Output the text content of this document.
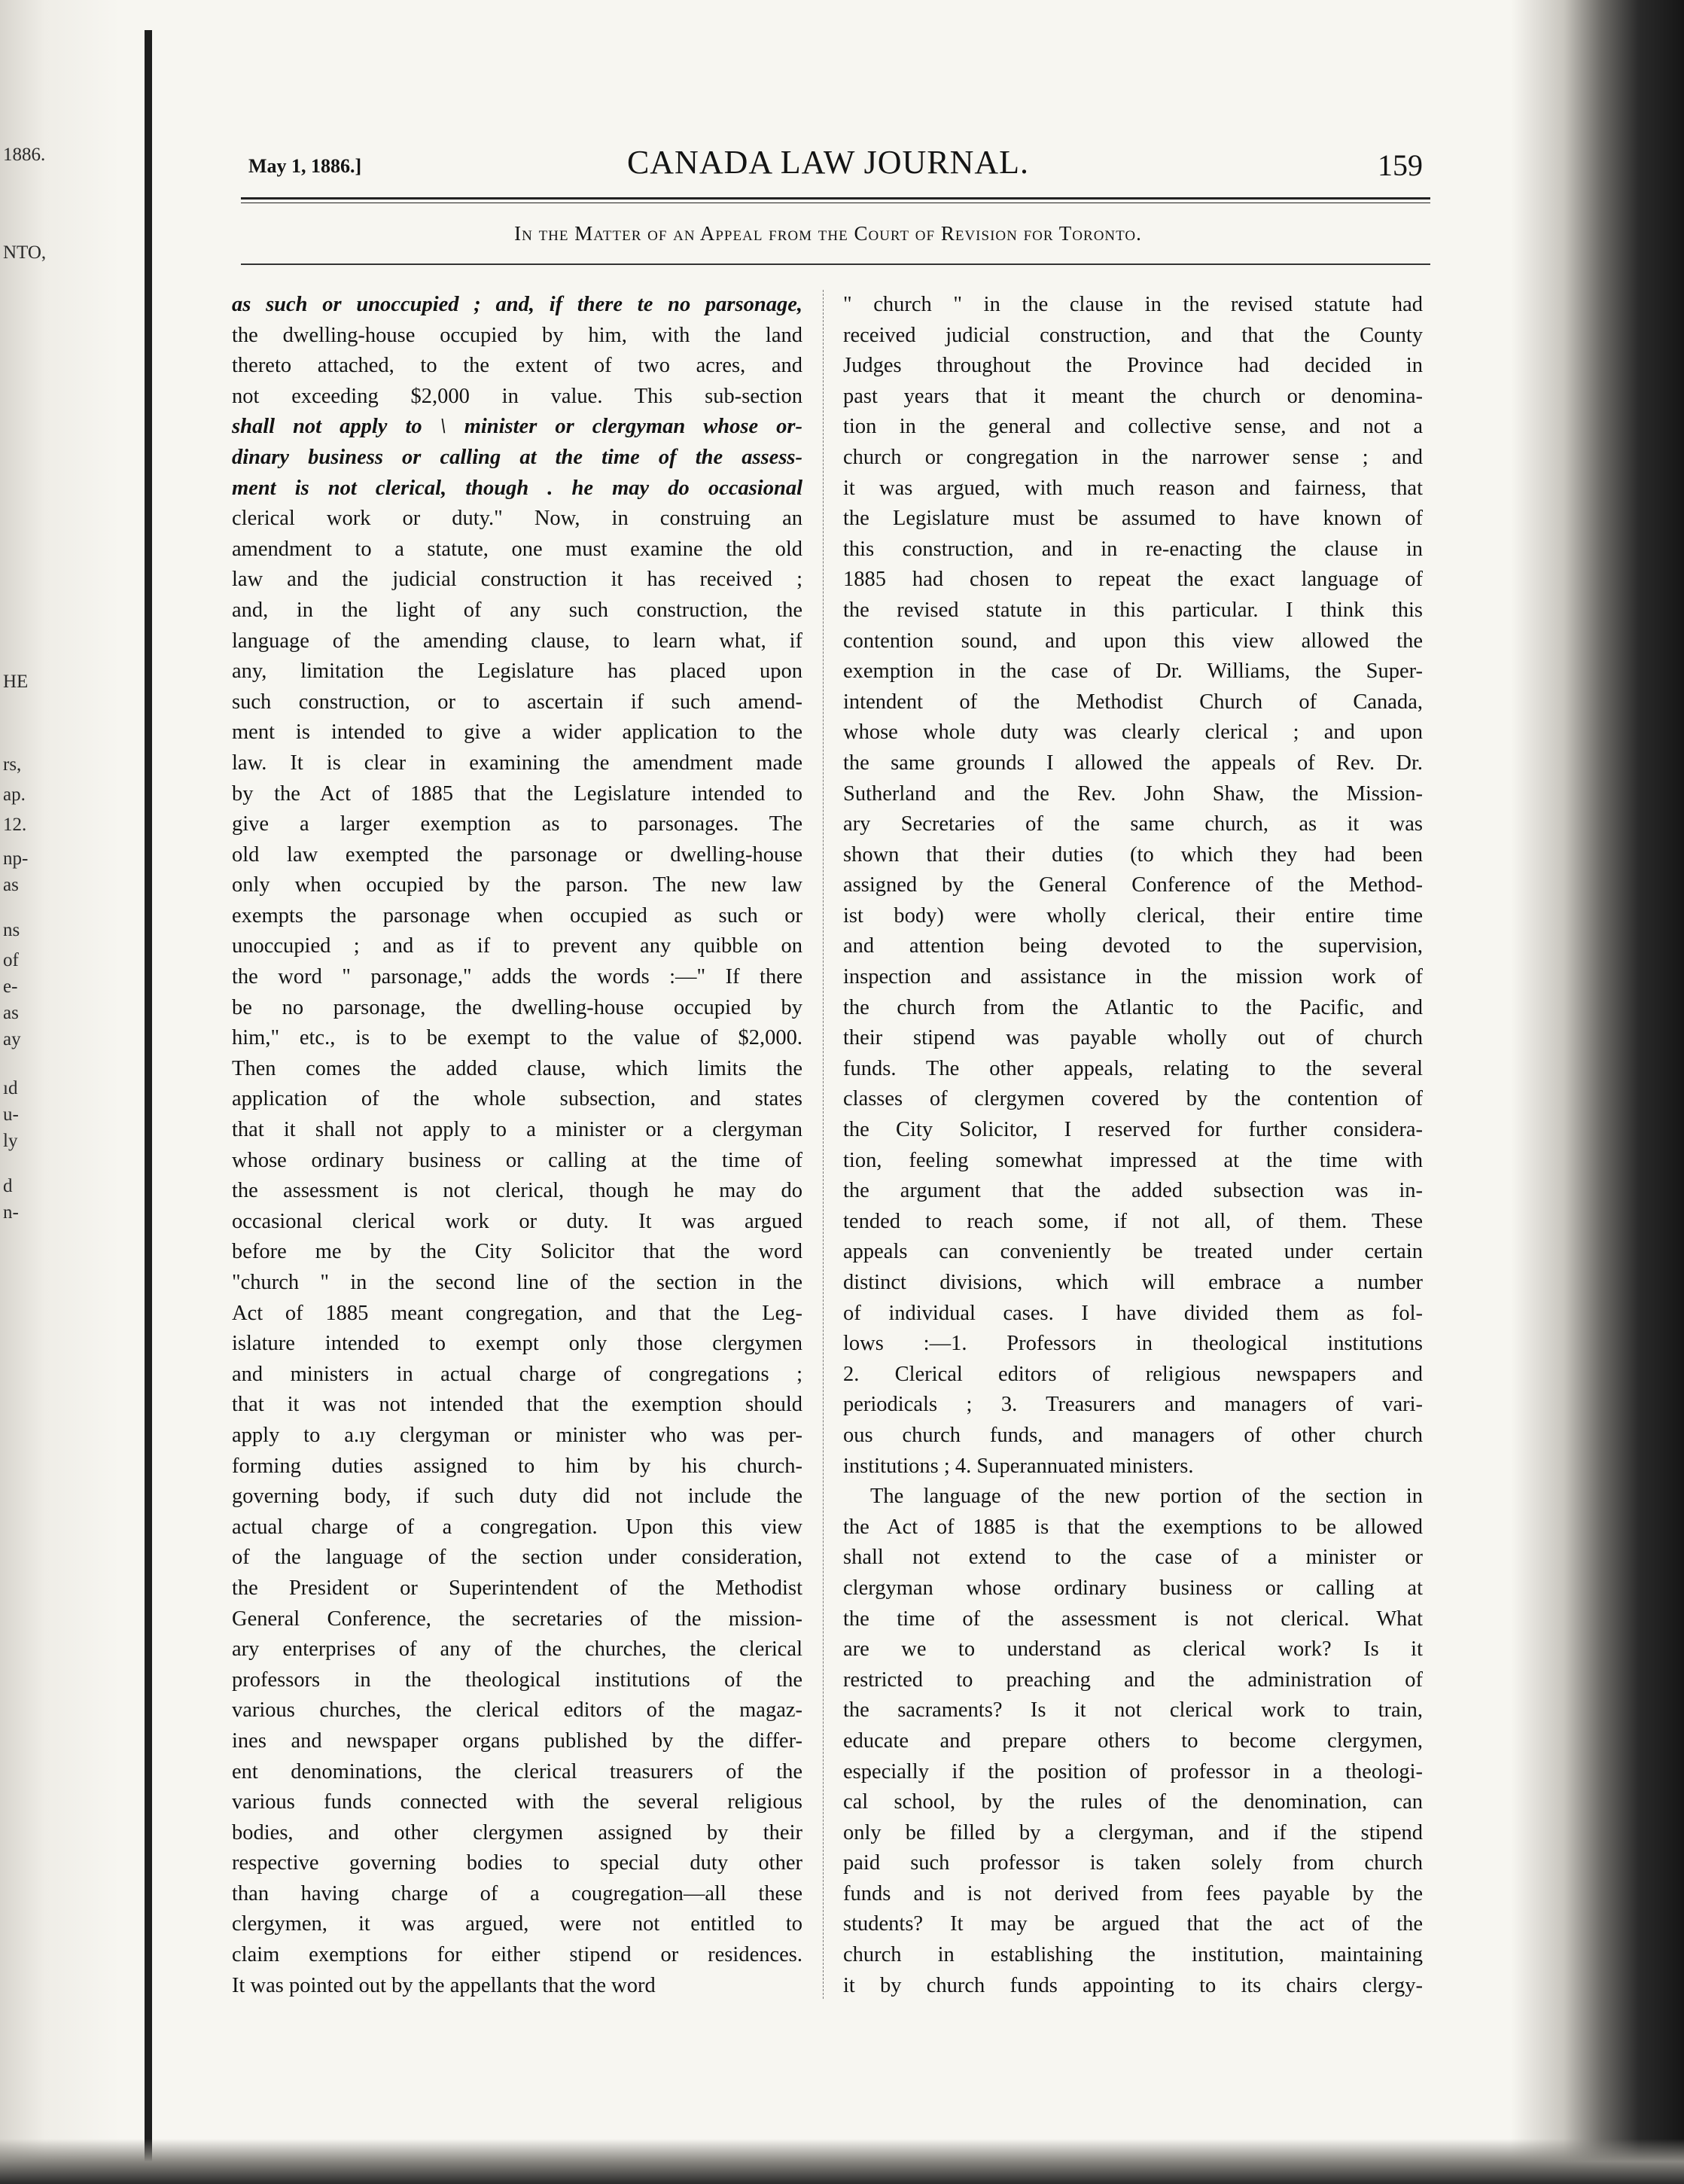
1886.
NTO,
HE
rs,
ap.
12.
np-
as
ns
of
e-
as
ay
ıd
u-
ly
d
n-
May 1, 1886.]	CANADA LAW JOURNAL.	159
In the Matter of an Appeal from the Court of Revision for Toronto.
as such or unoccupied ; and, if there te no parsonage,
the dwelling-house occupied by him, with the land
thereto attached, to the extent of two acres, and
not exceeding $2,000 in value. This sub-section
shall not apply to \ minister or clergyman whose or-
dinary business or calling at the time of the assess-
ment is not clerical, though . he may do occasional
clerical work or duty." Now, in construing an
amendment to a statute, one must examine the old
law and the judicial construction it has received ;
and, in the light of any such construction, the
language of the amending clause, to learn what, if
any, limitation the Legislature has placed upon
such construction, or to ascertain if such amend-
ment is intended to give a wider application to the
law. It is clear in examining the amendment made
by the Act of 1885 that the Legislature intended to
give a larger exemption as to parsonages. The
old law exempted the parsonage or dwelling-house
only when occupied by the parson. The new law
exempts the parsonage when occupied as such or
unoccupied ; and as if to prevent any quibble on
the word " parsonage," adds the words :—" If there
be no parsonage, the dwelling-house occupied by
him," etc., is to be exempt to the value of $2,000.
Then comes the added clause, which limits the
application of the whole subsection, and states
that it shall not apply to a minister or a clergyman
whose ordinary business or calling at the time of
the assessment is not clerical, though he may do
occasional clerical work or duty. It was argued
before me by the City Solicitor that the word
"church " in the second line of the section in the
Act of 1885 meant congregation, and that the Leg-
islature intended to exempt only those clergymen
and ministers in actual charge of congregations ;
that it was not intended that the exemption should
apply to a.ıy clergyman or minister who was per-
forming duties assigned to him by his church-
governing body, if such duty did not include the
actual charge of a congregation. Upon this view
of the language of the section under consideration,
the President or Superintendent of the Methodist
General Conference, the secretaries of the mission-
ary enterprises of any of the churches, the clerical
professors in the theological institutions of the
various churches, the clerical editors of the magaz-
ines and newspaper organs published by the differ-
ent denominations, the clerical treasurers of the
various funds connected with the several religious
bodies, and other clergymen assigned by their
respective governing bodies to special duty other
than having charge of a cougregation—all these
clergymen, it was argued, were not entitled to
claim exemptions for either stipend or residences.
It was pointed out by the appellants that the word
" church " in the clause in the revised statute had
received judicial construction, and that the County
Judges throughout the Province had decided in
past years that it meant the church or denomina-
tion in the general and collective sense, and not a
church or congregation in the narrower sense ; and
it was argued, with much reason and fairness, that
the Legislature must be assumed to have known of
this construction, and in re-enacting the clause in
1885 had chosen to repeat the exact language of
the revised statute in this particular. I think this
contention sound, and upon this view allowed the
exemption in the case of Dr. Williams, the Super-
intendent of the Methodist Church of Canada,
whose whole duty was clearly clerical ; and upon
the same grounds I allowed the appeals of Rev. Dr.
Sutherland and the Rev. John Shaw, the Mission-
ary Secretaries of the same church, as it was
shown that their duties (to which they had been
assigned by the General Conference of the Method-
ist body) were wholly clerical, their entire time
and attention being devoted to the supervision,
inspection and assistance in the mission work of
the church from the Atlantic to the Pacific, and
their stipend was payable wholly out of church
funds. The other appeals, relating to the several
classes of clergymen covered by the contention of
the City Solicitor, I reserved for further considera-
tion, feeling somewhat impressed at the time with
the argument that the added subsection was in-
tended to reach some, if not all, of them. These
appeals can conveniently be treated under certain
distinct divisions, which will embrace a number
of individual cases. I have divided them as fol-
lows :—1. Professors in theological institutions
2. Clerical editors of religious newspapers and
periodicals ; 3. Treasurers and managers of vari-
ous church funds, and managers of other church
institutions ; 4. Superannuated ministers.
The language of the new portion of the section in
the Act of 1885 is that the exemptions to be allowed
shall not extend to the case of a minister or
clergyman whose ordinary business or calling at
the time of the assessment is not clerical. What
are we to understand as clerical work? Is it
restricted to preaching and the administration of
the sacraments? Is it not clerical work to train,
educate and prepare others to become clergymen,
especially if the position of professor in a theologi-
cal school, by the rules of the denomination, can
only be filled by a clergyman, and if the stipend
paid such professor is taken solely from church
funds and is not derived from fees payable by the
students? It may be argued that the act of the
church in establishing the institution, maintaining
it by church funds appointing to its chairs clergy-
